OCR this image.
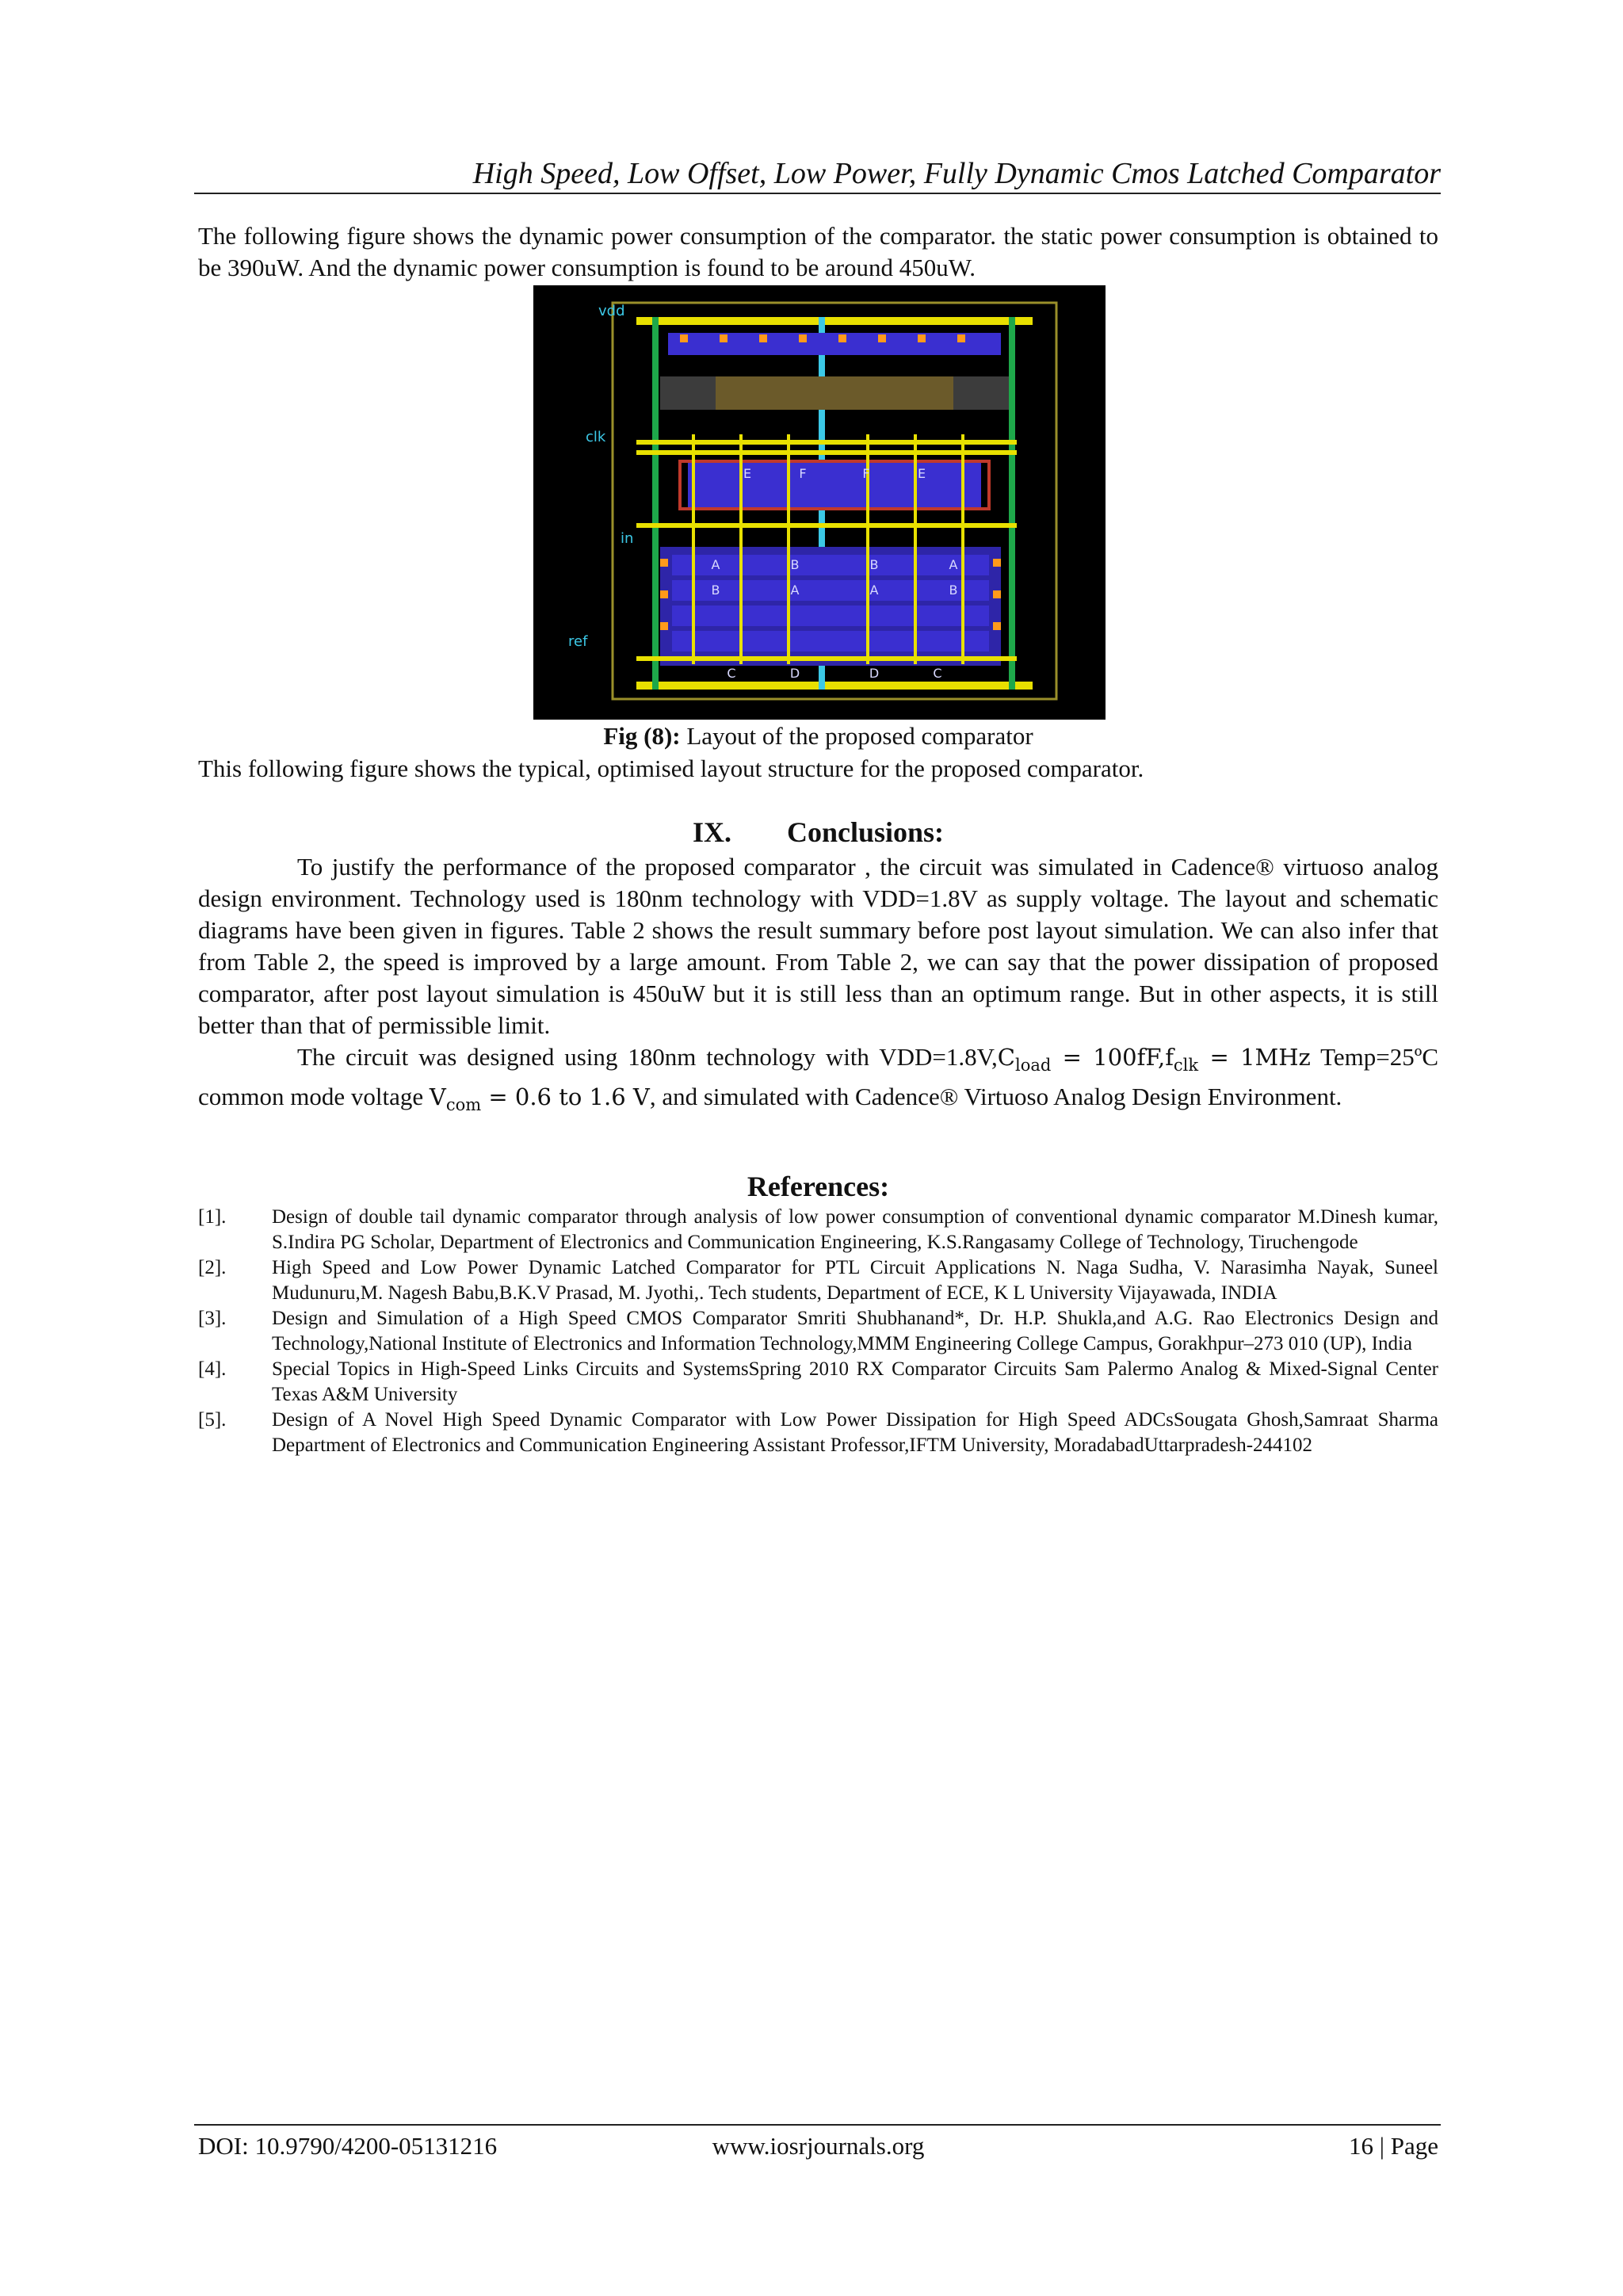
High Speed, Low Offset, Low Power, Fully Dynamic Cmos Latched Comparator

The following figure shows the dynamic power consumption of the comparator. the static power consumption is obtained to be 390uW. And the dynamic power consumption is found to be around 450uW.

vdd
clk
in
ref
E	F	F	E
A	B	B	A
B	A	A	B
C	D	D	C
Fig (8): Layout of the proposed comparator

This following figure shows the typical, optimised layout structure for the proposed comparator.

IX. Conclusions:

To justify the performance of the proposed comparator , the circuit was simulated in Cadence® virtuoso analog design environment. Technology used is 180nm technology with VDD=1.8V as supply voltage. The layout and schematic diagrams have been given in figures. Table 2 shows the result summary before post layout simulation. We can also infer that from Table 2, the speed is improved by a large amount. From Table 2, we can say that the power dissipation of proposed comparator, after post layout simulation is 450uW but it is still less than an optimum range. But in other aspects, it is still better than that of permissible limit.

The circuit was designed using 180nm technology with $VDD=1.8V,C_{load} = 100fF,f_{clk} = 1MHz$ Temp=25ºC common mode voltage $V_{com} = 0.6$ to 1.6 V, and simulated with Cadence® Virtuoso Analog Design Environment.

References:
[1].	Design of double tail dynamic comparator through analysis of low power consumption of conventional dynamic comparator M.Dinesh kumar, S.Indira PG Scholar, Department of Electronics and Communication Engineering, K.S.Rangasamy College of Technology, Tiruchengode
[2].	High Speed and Low Power Dynamic Latched Comparator for PTL Circuit Applications N. Naga Sudha, V. Narasimha Nayak, Suneel Mudunuru,M. Nagesh Babu,B.K.V Prasad, M. Jyothi,. Tech students, Department of ECE, K L University Vijayawada, INDIA
[3].	Design and Simulation of a High Speed CMOS Comparator Smriti Shubhanand*, Dr. H.P. Shukla,and A.G. Rao Electronics Design and Technology,National Institute of Electronics and Information Technology,MMM Engineering College Campus, Gorakhpur–273 010 (UP), India
[4].	Special Topics in High-Speed Links Circuits and SystemsSpring 2010 RX Comparator Circuits Sam Palermo Analog & Mixed-Signal Center Texas A&M University
[5].	Design of A Novel High Speed Dynamic Comparator with Low Power Dissipation for High Speed ADCsSougata Ghosh,Samraat Sharma Department of Electronics and Communication Engineering Assistant Professor,IFTM University, MoradabadUttarpradesh-244102
DOI: 10.9790/4200-05131216	www.iosrjournals.org	16 | Page
